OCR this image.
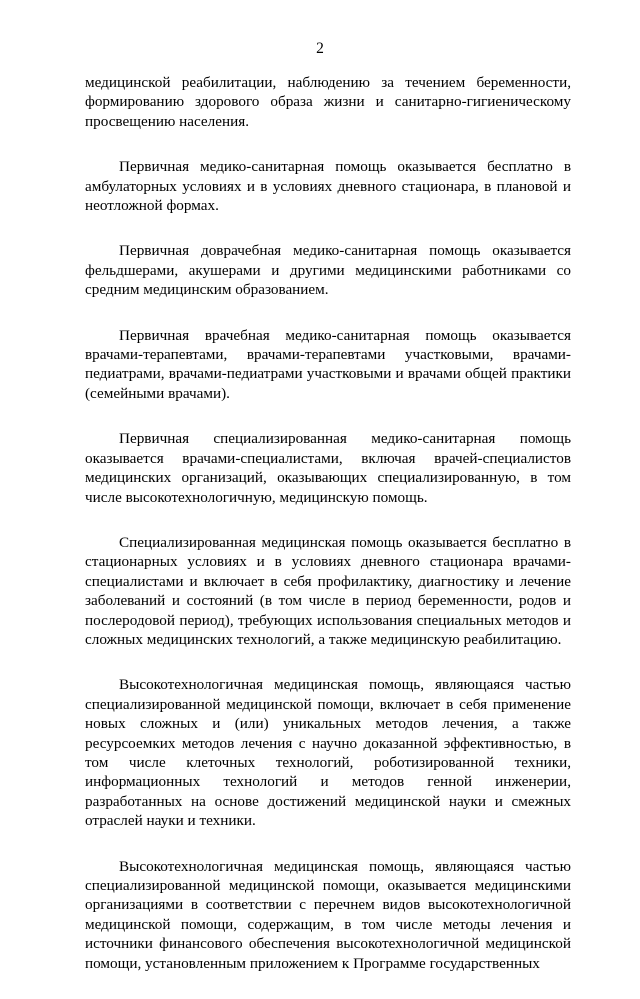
2

медицинской реабилитации, наблюдению за течением беременности, формированию здорового образа жизни и санитарно-гигиеническому просвещению населения.

Первичная медико-санитарная помощь оказывается бесплатно в амбулаторных условиях и в условиях дневного стационара, в плановой и неотложной формах.

Первичная доврачебная медико-санитарная помощь оказывается фельдшерами, акушерами и другими медицинскими работниками со средним медицинским образованием.

Первичная врачебная медико-санитарная помощь оказывается врачами-терапевтами, врачами-терапевтами участковыми, врачами-педиатрами, врачами-педиатрами участковыми и врачами общей практики (семейными врачами).

Первичная специализированная медико-санитарная помощь оказывается врачами-специалистами, включая врачей-специалистов медицинских организаций, оказывающих специализированную, в том числе высокотехнологичную, медицинскую помощь.

Специализированная медицинская помощь оказывается бесплатно в стационарных условиях и в условиях дневного стационара врачами-специалистами и включает в себя профилактику, диагностику и лечение заболеваний и состояний (в том числе в период беременности, родов и послеродовой период), требующих использования специальных методов и сложных медицинских технологий, а также медицинскую реабилитацию.

Высокотехнологичная медицинская помощь, являющаяся частью специализированной медицинской помощи, включает в себя применение новых сложных и (или) уникальных методов лечения, а также ресурсоемких методов лечения с научно доказанной эффективностью, в том числе клеточных технологий, роботизированной техники, информационных технологий и методов генной инженерии, разработанных на основе достижений медицинской науки и смежных отраслей науки и техники.

Высокотехнологичная медицинская помощь, являющаяся частью специализированной медицинской помощи, оказывается медицинскими организациями в соответствии с перечнем видов высокотехнологичной медицинской помощи, содержащим, в том числе методы лечения и источники финансового обеспечения высокотехнологичной медицинской помощи, установленным приложением к Программе государственных
